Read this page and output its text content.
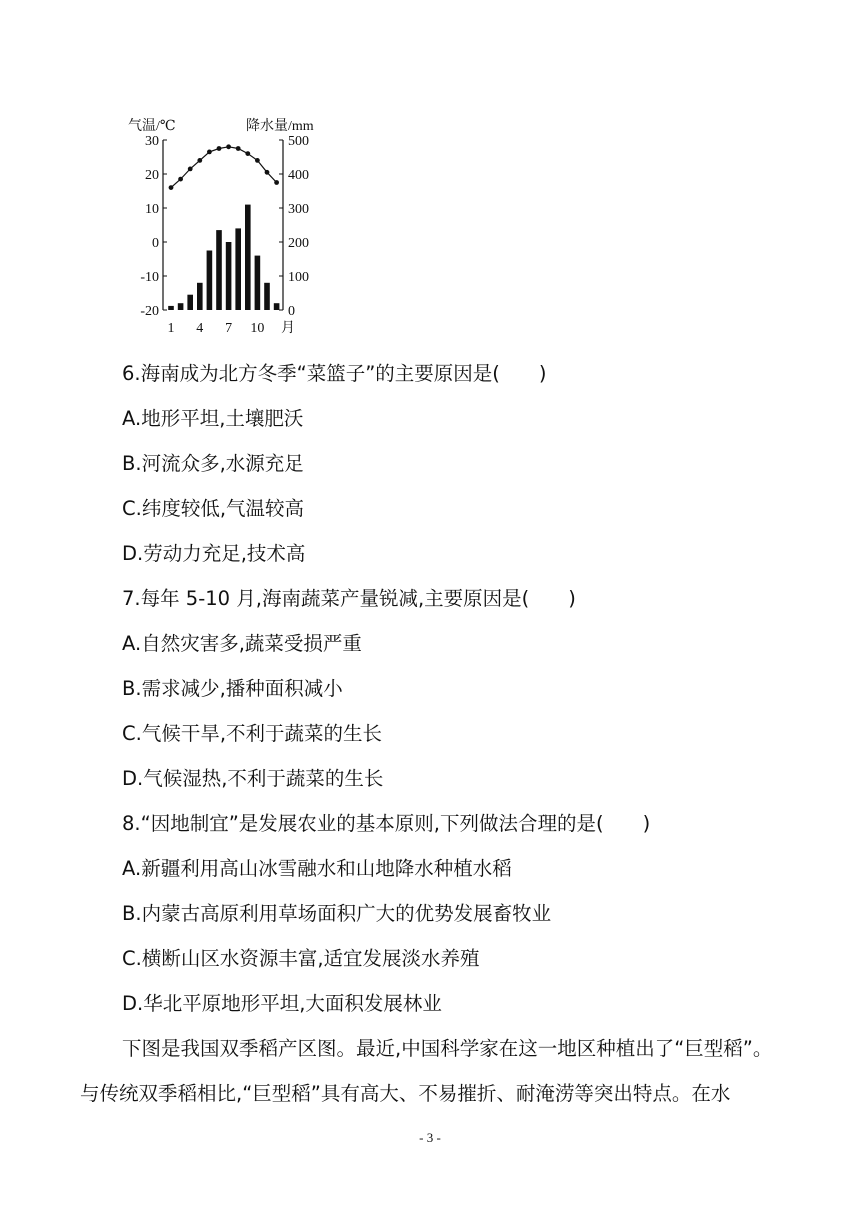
气温/℃	降水量/mm
月
30
20
10
0
-10
-20
500
400
300
200
100
0
1 4 7 10
6.海南成为北方冬季“菜篮子”的主要原因是(　　)
A.地形平坦,土壤肥沃
B.河流众多,水源充足
C.纬度较低,气温较高
D.劳动力充足,技术高
7.每年 5-10 月,海南蔬菜产量锐减,主要原因是(　　)
A.自然灾害多,蔬菜受损严重
B.需求减少,播种面积减小
C.气候干旱,不利于蔬菜的生长
D.气候湿热,不利于蔬菜的生长
8.“因地制宜”是发展农业的基本原则,下列做法合理的是(　　)
A.新疆利用高山冰雪融水和山地降水种植水稻
B.内蒙古高原利用草场面积广大的优势发展畜牧业
C.横断山区水资源丰富,适宜发展淡水养殖
D.华北平原地形平坦,大面积发展林业
下图是我国双季稻产区图。最近,中国科学家在这一地区种植出了“巨型稻”。
与传统双季稻相比,“巨型稻”具有高大、不易摧折、耐淹涝等突出特点。在水
- 3 -
